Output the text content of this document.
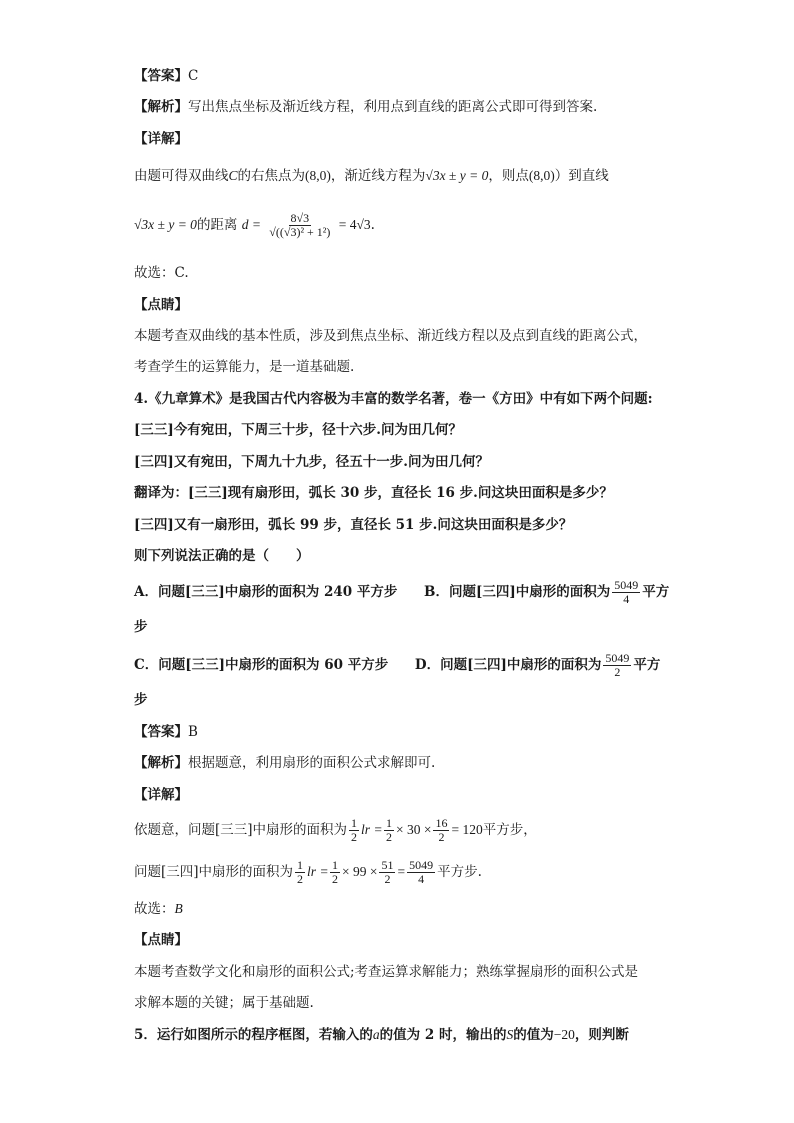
【答案】C
【解析】写出焦点坐标及渐近线方程，利用点到直线的距离公式即可得到答案.
【详解】
由题可得双曲线C的右焦点为(8,0)，渐近线方程为√3x ± y = 0，则点(8,0)）到直线
√3x ± y = 0的距离 $d = \frac{8√3}{\text{√((√3)² + 1²)}} = 4√3$.
故选：C.
【点睛】
本题考查双曲线的基本性质，涉及到焦点坐标、渐近线方程以及点到直线的距离公式，
考查学生的运算能力，是一道基础题.
4.《九章算术》是我国古代内容极为丰富的数学名著，卷一《方田》中有如下两个问题:
[三三]今有宛田，下周三十步，径十六步.问为田几何？
[三四]又有宛田，下周九十九步，径五十一步.问为田几何？
翻译为：[三三]现有扇形田，弧长 30 步，直径长 16 步.问这块田面积是多少？
[三四]又有一扇形田，弧长 99 步，直径长 51 步.问这块田面积是多少？
则下列说法正确的是（　　）
A．问题[三三]中扇形的面积为 240 平方步 B．问题[三四]中扇形的面积为 $\frac{5049}{4}$ 平方
步
C．问题[三三]中扇形的面积为 60 平方步 D．问题[三四]中扇形的面积为 $\frac{5049}{2}$ 平方
步
【答案】B
【解析】根据题意，利用扇形的面积公式求解即可.
【详解】
依题意，问题[三三]中扇形的面积为 $\frac{1}{2}$ lr = $\frac{1}{2} \times 30 \times \frac{16}{2} = 120$平方步，
问题[三四]中扇形的面积为 $\frac{1}{2}$ lr = $\frac{1}{2} \times 99 \times \frac{51}{2} = \frac{5049}{4}$ 平方步.
故选：B
【点睛】
本题考查数学文化和扇形的面积公式;考查运算求解能力；熟练掌握扇形的面积公式是
求解本题的关键；属于基础题.
5．运行如图所示的程序框图，若输入的a的值为 2 时，输出的S的值为−20，则判断
